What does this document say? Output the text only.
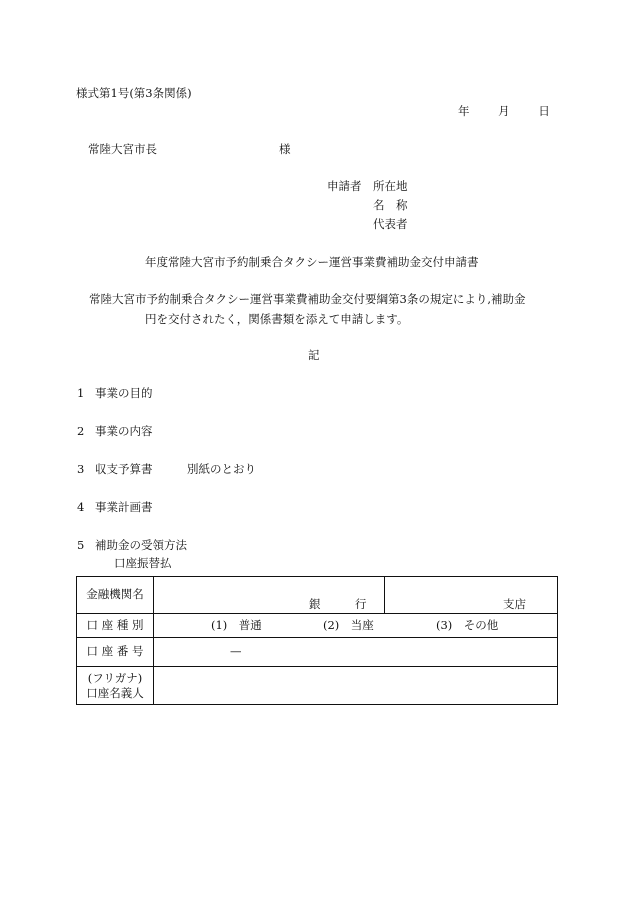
様式第1号(第3条関係)
年 月 日
常陸大宮市長	様
申請者 所在地
名　称
代表者
年度常陸大宮市予約制乗合タクシー運営事業費補助金交付申請書
常陸大宮市予約制乗合タクシー運営事業費補助金交付要綱第3条の規定により,補助金
円を交付されたく，関係書類を添えて申請します。
記
1 事業の目的
2 事業の内容
3 収支予算書	別紙のとおり
4 事業計画書
5 補助金の受領方法
口座振替払
金融機関名	銀　　　行	支店

口 座 種 別	(1)　普通 (2)　当座 (3)　その他	

口 座 番 号	—	

(フリガナ)
口座名義人		
